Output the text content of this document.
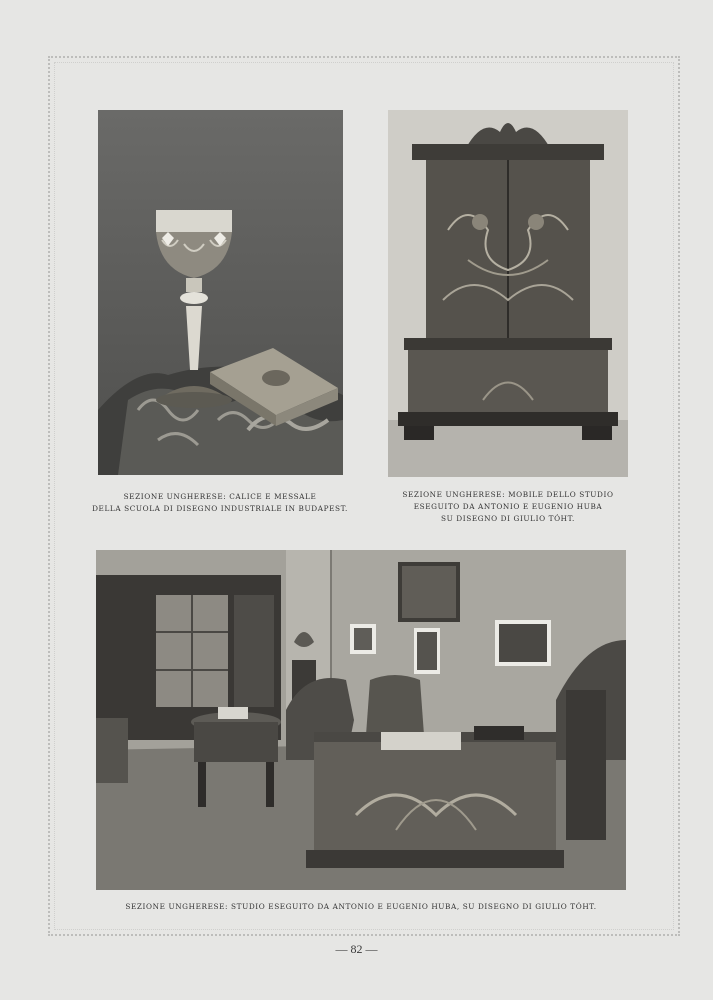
SEZIONE UNGHERESE: CALICE E MESSALE
DELLA SCUOLA DI DISEGNO INDUSTRIALE IN BUDAPEST.
SEZIONE UNGHERESE: MOBILE DELLO STUDIO
ESEGUITO DA ANTONIO E EUGENIO HUBA
SU DISEGNO DI GIULIO TÓHT.
SEZIONE UNGHERESE: STUDIO ESEGUITO DA ANTONIO E EUGENIO HUBA, SU DISEGNO DI GIULIO TÓHT.
— 82 —
